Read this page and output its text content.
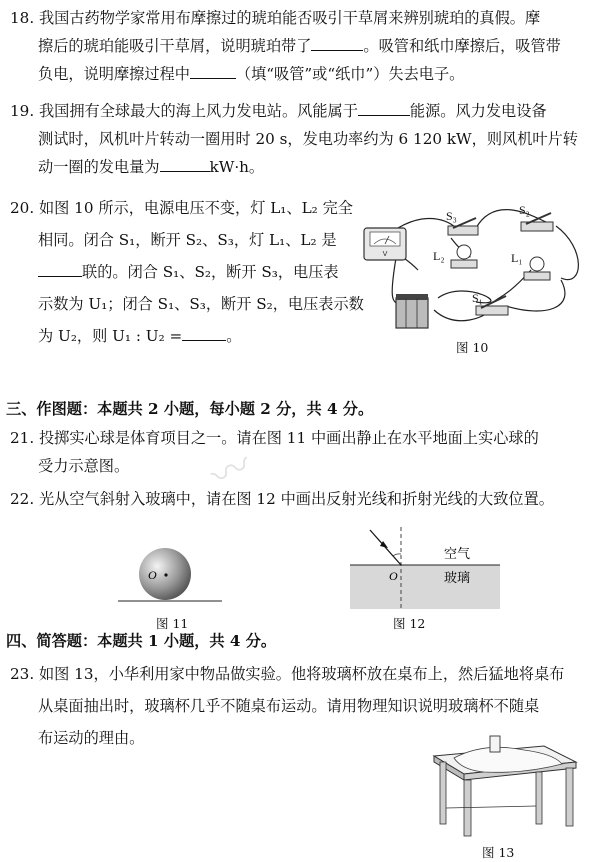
18. 我国古药物学家常用布摩擦过的琥珀能否吸引干草屑来辨别琥珀的真假。摩
擦后的琥珀能吸引干草屑，说明琥珀带了	。吸管和纸巾摩擦后，吸管带
负电，说明摩擦过程中	（填“吸管”或“纸巾”）失去电子。
19. 我国拥有全球最大的海上风力发电站。风能属于	能源。风力发电设备
测试时，风机叶片转动一圈用时 20 s，发电功率约为 6 120 kW，则风机叶片转
动一圈的发电量为	kW·h。
20. 如图 10 所示，电源电压不变，灯 L₁、L₂ 完全
相同。闭合 S₁，断开 S₂、S₃，灯 L₁、L₂ 是
联的。闭合 S₁、S₂，断开 S₃，电压表
示数为 U₁；闭合 S₁、S₃，断开 S₂，电压表示数
为 U₂，则 U₁ : U₂ =	。
V
S₃	S₂
L₂	L₁
S₁
图 10
三、作图题：本题共 2 小题，每小题 2 分，共 4 分。
21. 投掷实心球是体育项目之一。请在图 11 中画出静止在水平地面上实心球的
受力示意图。
22. 光从空气斜射入玻璃中，请在图 12 中画出反射光线和折射光线的大致位置。
O
图 11
O
空气
玻璃
图 12
四、简答题：本题共 1 小题，共 4 分。
23. 如图 13，小华利用家中物品做实验。他将玻璃杯放在桌布上，然后猛地将桌布
从桌面抽出时，玻璃杯几乎不随桌布运动。请用物理知识说明玻璃杯不随桌
布运动的理由。
图 13
〰
